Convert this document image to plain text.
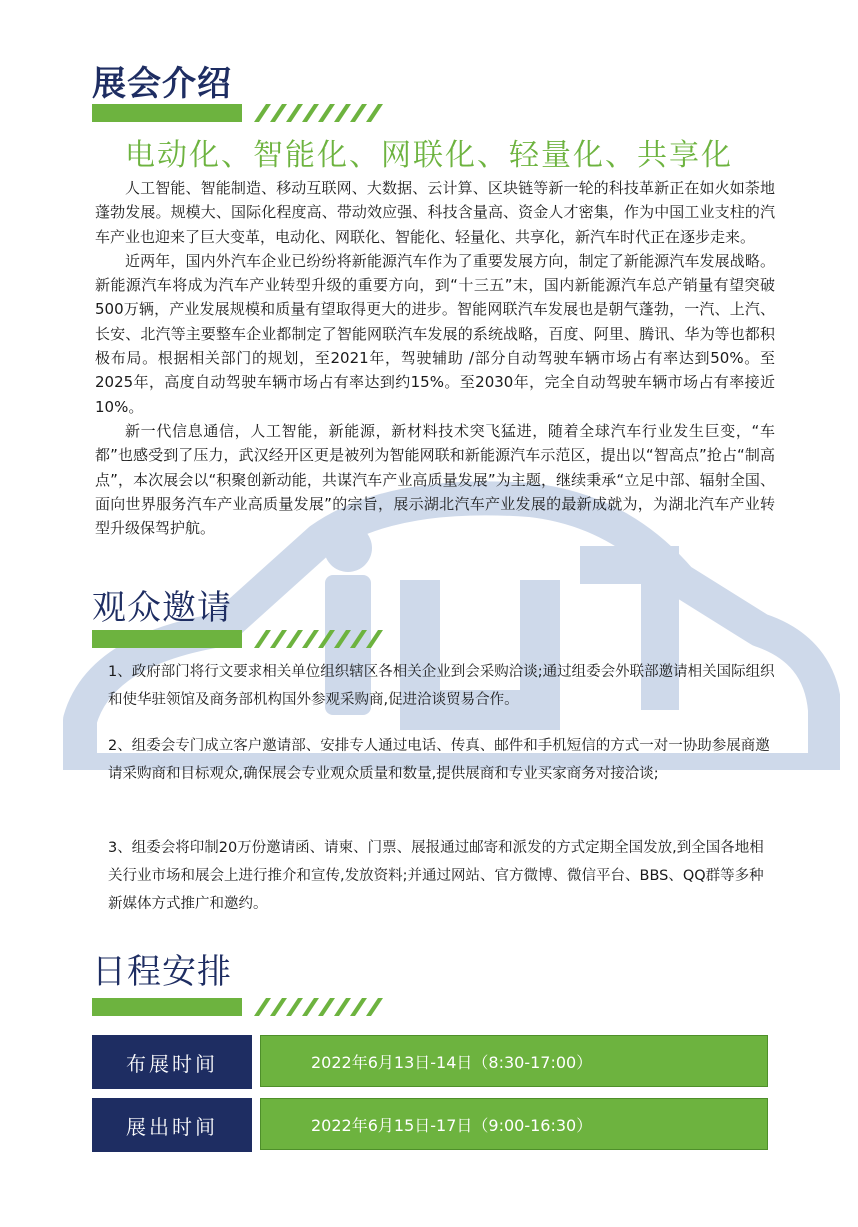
展会介绍
电动化、智能化、网联化、轻量化、共享化

人工智能、智能制造、移动互联网、大数据、云计算、区块链等新一轮的科技革新正在如火如荼地蓬勃发展。规模大、国际化程度高、带动效应强、科技含量高、资金人才密集，作为中国工业支柱的汽车产业也迎来了巨大变革，电动化、网联化、智能化、轻量化、共享化，新汽车时代正在逐步走来。

近两年，国内外汽车企业已纷纷将新能源汽车作为了重要发展方向，制定了新能源汽车发展战略。新能源汽车将成为汽车产业转型升级的重要方向，到“十三五”末，国内新能源汽车总产销量有望突破500万辆，产业发展规模和质量有望取得更大的进步。智能网联汽车发展也是朝气蓬勃，一汽、上汽、长安、北汽等主要整车企业都制定了智能网联汽车发展的系统战略，百度、阿里、腾讯、华为等也都积极布局。根据相关部门的规划，至2021年，驾驶辅助 /部分自动驾驶车辆市场占有率达到50%。至2025年，高度自动驾驶车辆市场占有率达到约15%。至2030年，完全自动驾驶车辆市场占有率接近10%。

新一代信息通信，人工智能，新能源，新材料技术突飞猛进，随着全球汽车行业发生巨变，“车都”也感受到了压力，武汉经开区更是被列为智能网联和新能源汽车示范区，提出以“智高点”抢占“制高点”，本次展会以“积聚创新动能，共谋汽车产业高质量发展”为主题，继续秉承“立足中部、辐射全国、面向世界服务汽车产业高质量发展”的宗旨，展示湖北汽车产业发展的最新成就为，为湖北汽车产业转型升级保驾护航。

观众邀请

1、政府部门将行文要求相关单位组织辖区各相关企业到会采购洽谈;通过组委会外联部邀请相关国际组织和使华驻领馆及商务部机构国外参观采购商,促进洽谈贸易合作。

2、组委会专门成立客户邀请部、安排专人通过电话、传真、邮件和手机短信的方式一对一协助参展商邀请采购商和目标观众,确保展会专业观众质量和数量,提供展商和专业买家商务对接洽谈;

3、组委会将印制20万份邀请函、请柬、门票、展报通过邮寄和派发的方式定期全国发放,到全国各地相关行业市场和展会上进行推介和宣传,发放资料;并通过网站、官方微博、微信平台、BBS、QQ群等多种新媒体方式推广和邀约。

日程安排
布展时间	2022年6月13日-14日（8:30-17:00）
展出时间	2022年6月15日-17日（9:00-16:30）
